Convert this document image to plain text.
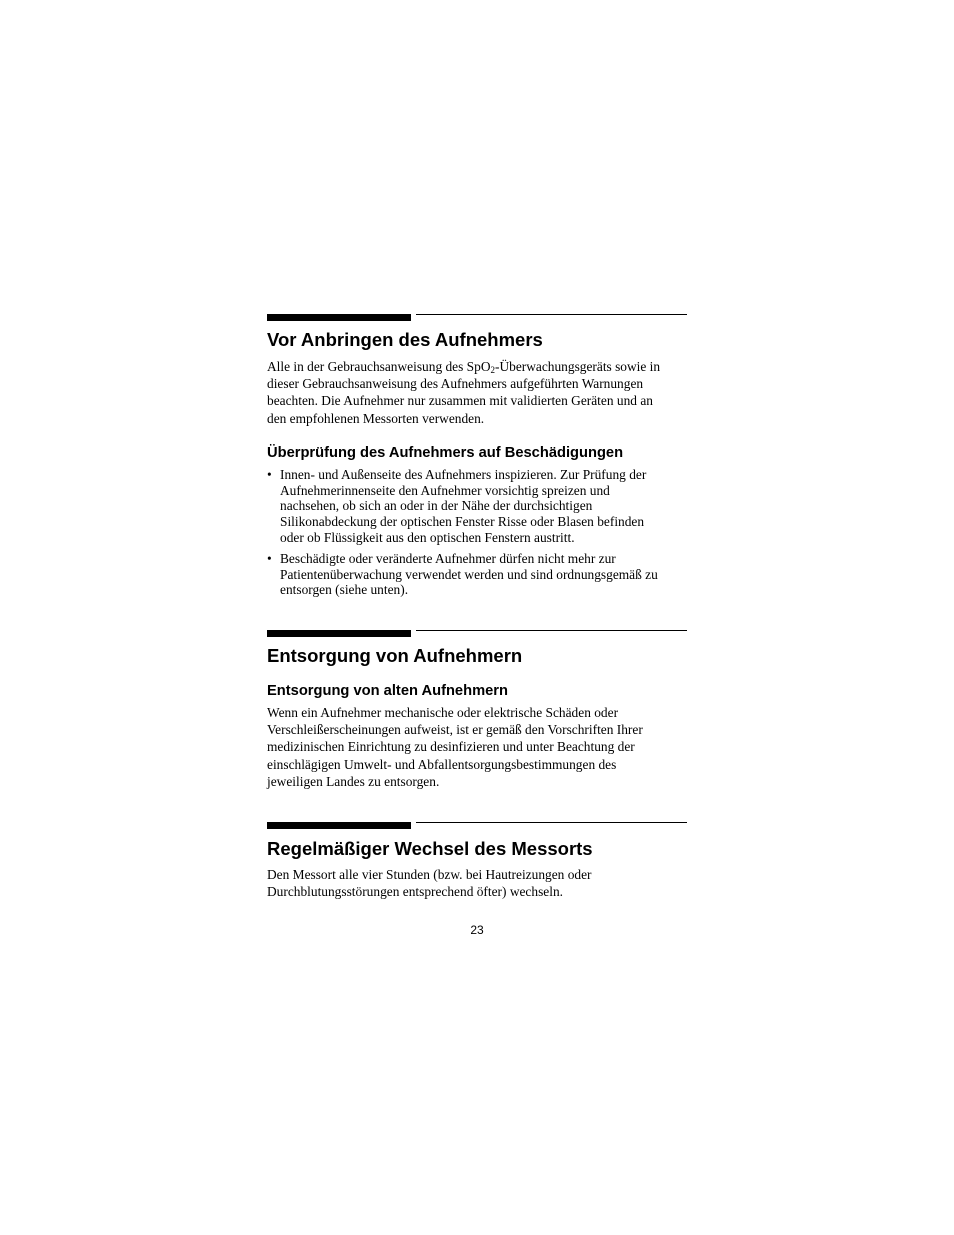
Vor Anbringen des Aufnehmers
Alle in der Gebrauchsanweisung des SpO$_2$-Überwachungsgeräts sowie in
dieser Gebrauchsanweisung des Aufnehmers aufgeführten Warnungen
beachten. Die Aufnehmer nur zusammen mit validierten Geräten und an
den empfohlenen Messorten verwenden.
Überprüfung des Aufnehmers auf Beschädigungen
• Innen- und Außenseite des Aufnehmers inspizieren. Zur Prüfung der
Aufnehmerinnenseite den Aufnehmer vorsichtig spreizen und
nachsehen, ob sich an oder in der Nähe der durchsichtigen
Silikonabdeckung der optischen Fenster Risse oder Blasen befinden
oder ob Flüssigkeit aus den optischen Fenstern austritt.
• Beschädigte oder veränderte Aufnehmer dürfen nicht mehr zur
Patientenüberwachung verwendet werden und sind ordnungsgemäß zu
entsorgen (siehe unten).
Entsorgung von Aufnehmern
Entsorgung von alten Aufnehmern
Wenn ein Aufnehmer mechanische oder elektrische Schäden oder
Verschleißerscheinungen aufweist, ist er gemäß den Vorschriften Ihrer
medizinischen Einrichtung zu desinfizieren und unter Beachtung der
einschlägigen Umwelt- und Abfallentsorgungsbestimmungen des
jeweiligen Landes zu entsorgen.
Regelmäßiger Wechsel des Messorts
Den Messort alle vier Stunden (bzw. bei Hautreizungen oder
Durchblutungsstörungen entsprechend öfter) wechseln.
23
